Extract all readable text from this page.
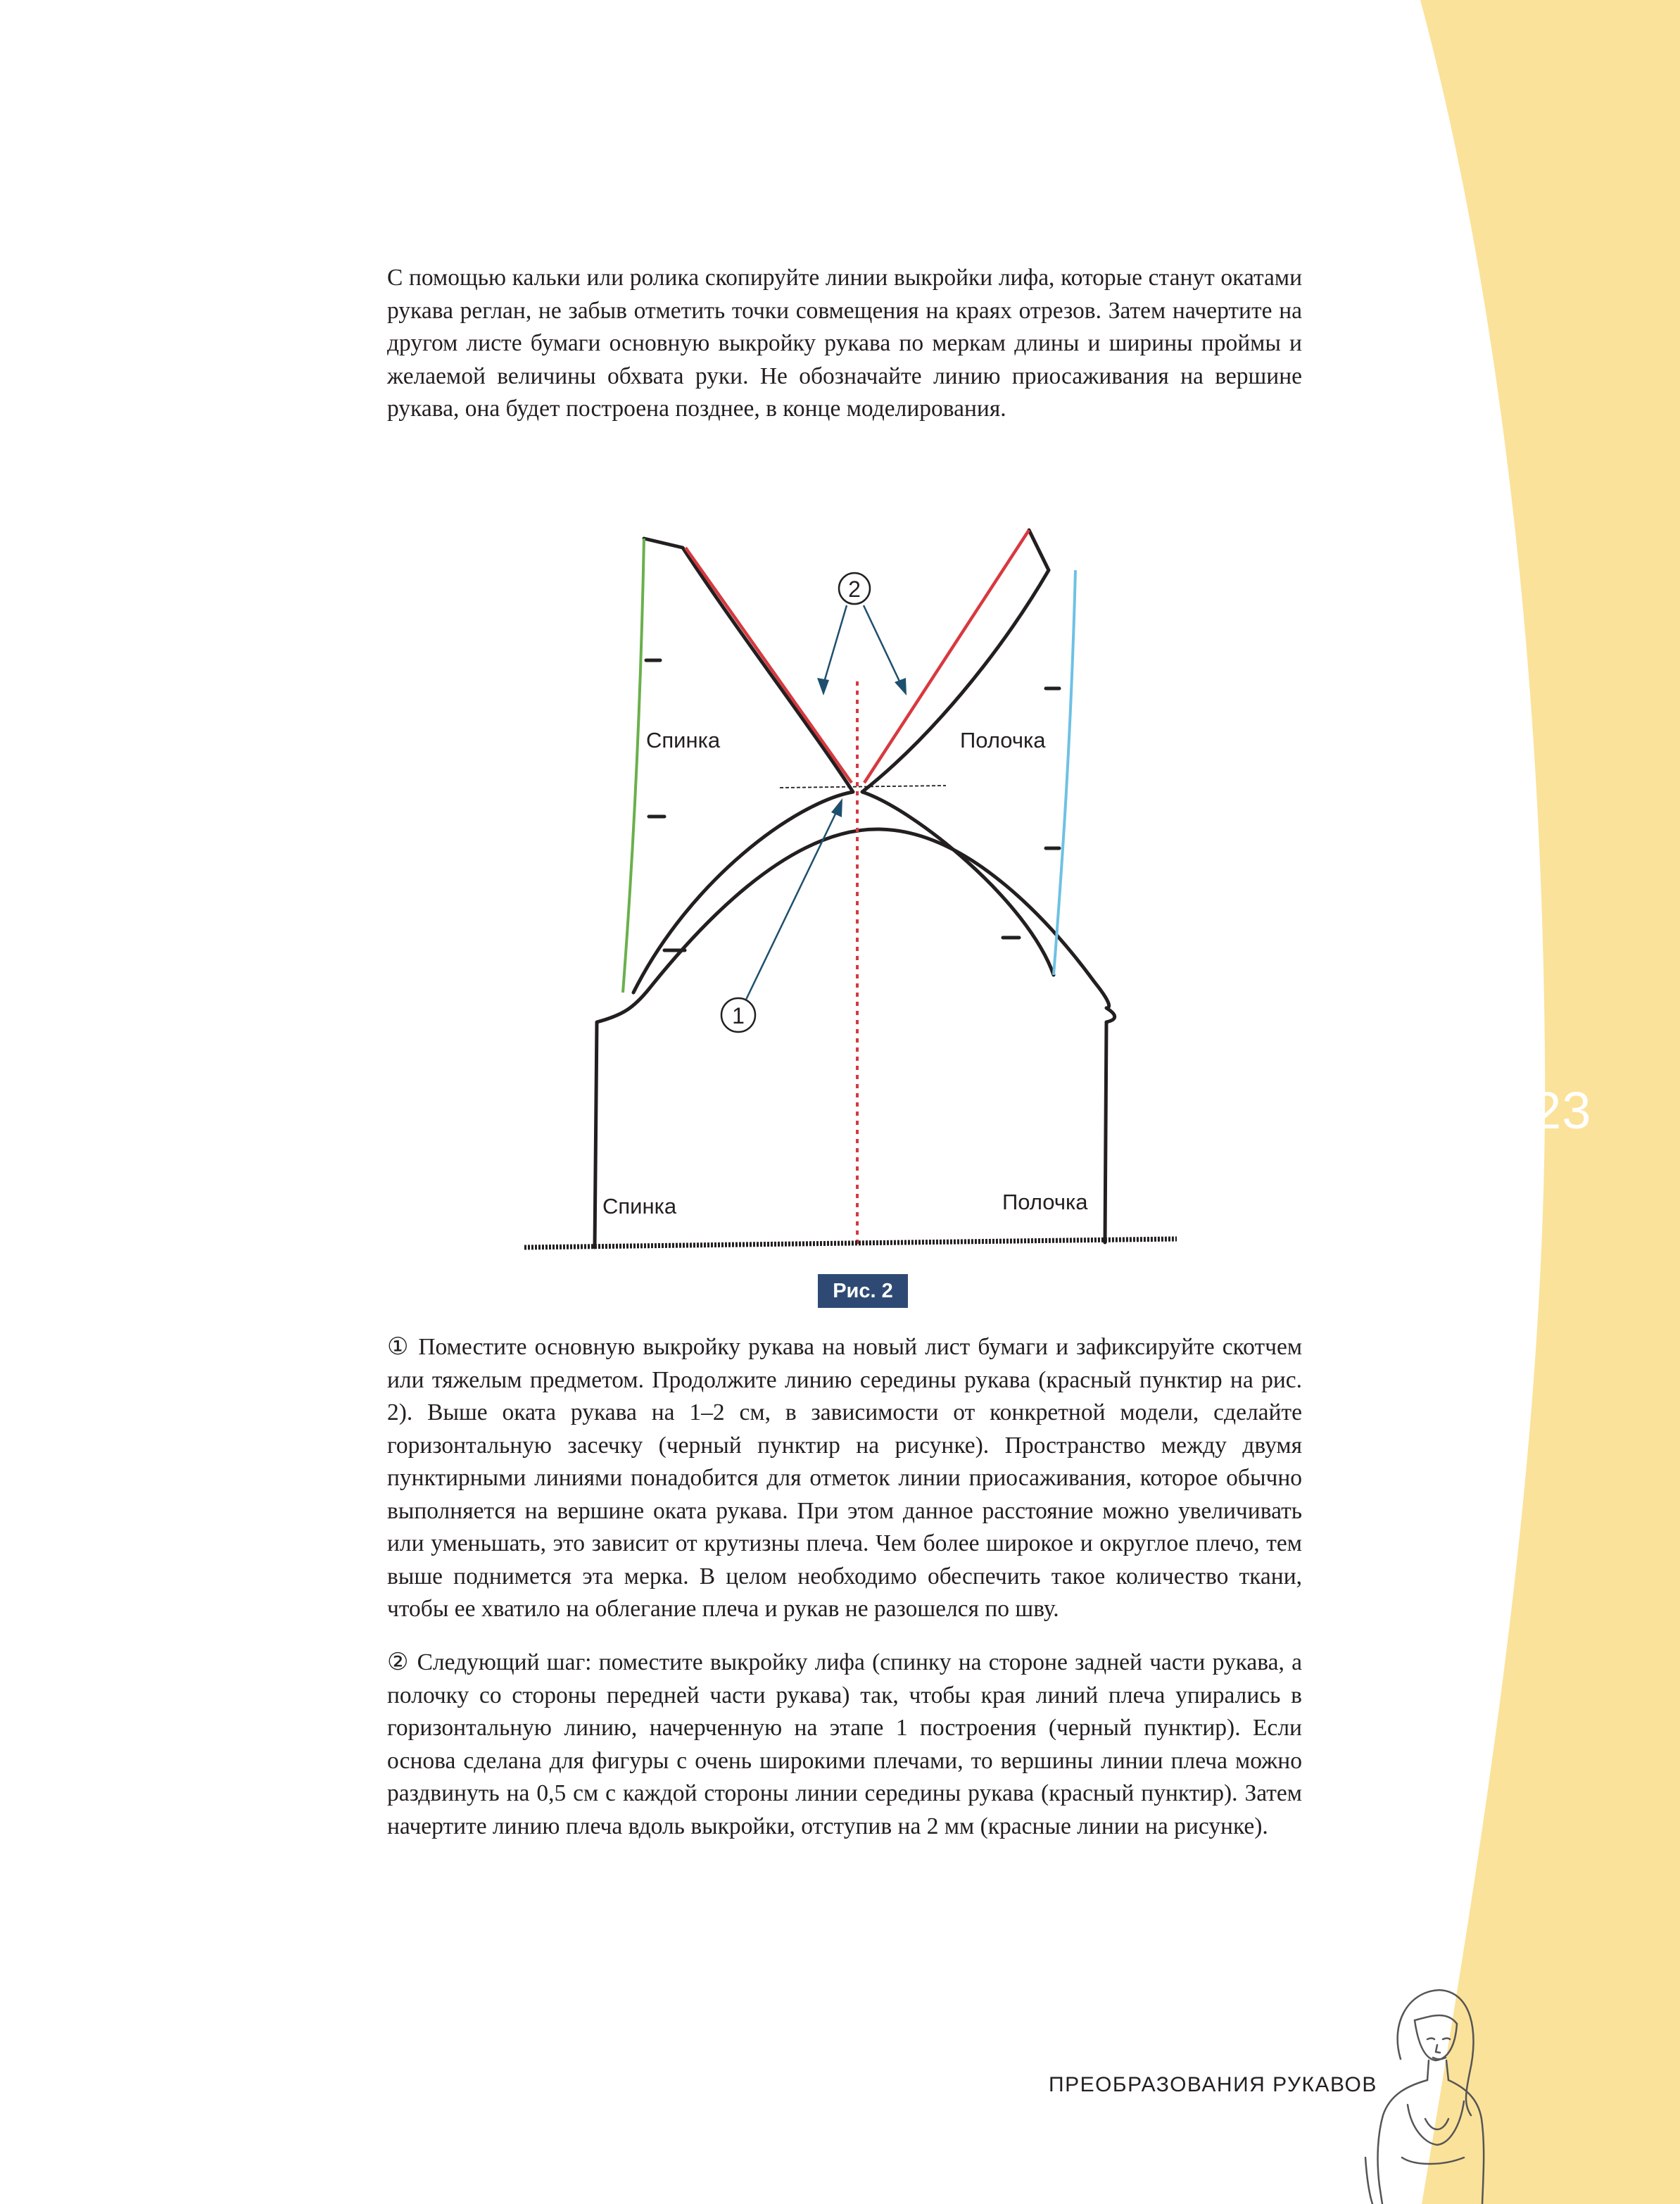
123

С помощью кальки или ролика скопируйте линии выкройки лифа, которые станут окатами рукава реглан, не забыв отметить точки совмещения на краях отрезов. Затем начертите на другом листе бумаги основную выкройку рукава по меркам длины и ширины проймы и желаемой величины обхвата руки. Не обозначайте линию приосаживания на вершине рукава, она будет построена позднее, в конце моделирования.

2
1
Спинка	Полочка
Спинка	Полочка
Рис. 2

① Поместите основную выкройку рукава на новый лист бумаги и зафиксируйте скотчем или тяжелым предметом. Продолжите линию середины рукава (красный пунктир на рис. 2). Выше оката рукава на 1–2 см, в зависимости от конкретной модели, сделайте горизонтальную засечку (черный пунктир на рисунке). Пространство между двумя пунктирными линиями понадобится для отметок линии приосаживания, которое обычно выполняется на вершине оката рукава. При этом данное расстояние можно увеличивать или уменьшать, это зависит от крутизны плеча. Чем более широкое и округлое плечо, тем выше поднимется эта мерка. В целом необходимо обеспечить такое количество ткани, чтобы ее хватило на облегание плеча и рукав не разошелся по шву.

② Следующий шаг: поместите выкройку лифа (спинку на стороне задней части рукава, а полочку со стороны передней части рукава) так, чтобы края линий плеча упирались в горизонтальную линию, начерченную на этапе 1 построения (черный пунктир). Если основа сделана для фигуры с очень широкими плечами, то вершины линии плеча можно раздвинуть на 0,5 см с каждой стороны линии середины рукава (красный пунктир). Затем начертите линию плеча вдоль выкройки, отступив на 2 мм (красные линии на рисунке).

ПРЕОБРАЗОВАНИЯ РУКАВОВ
